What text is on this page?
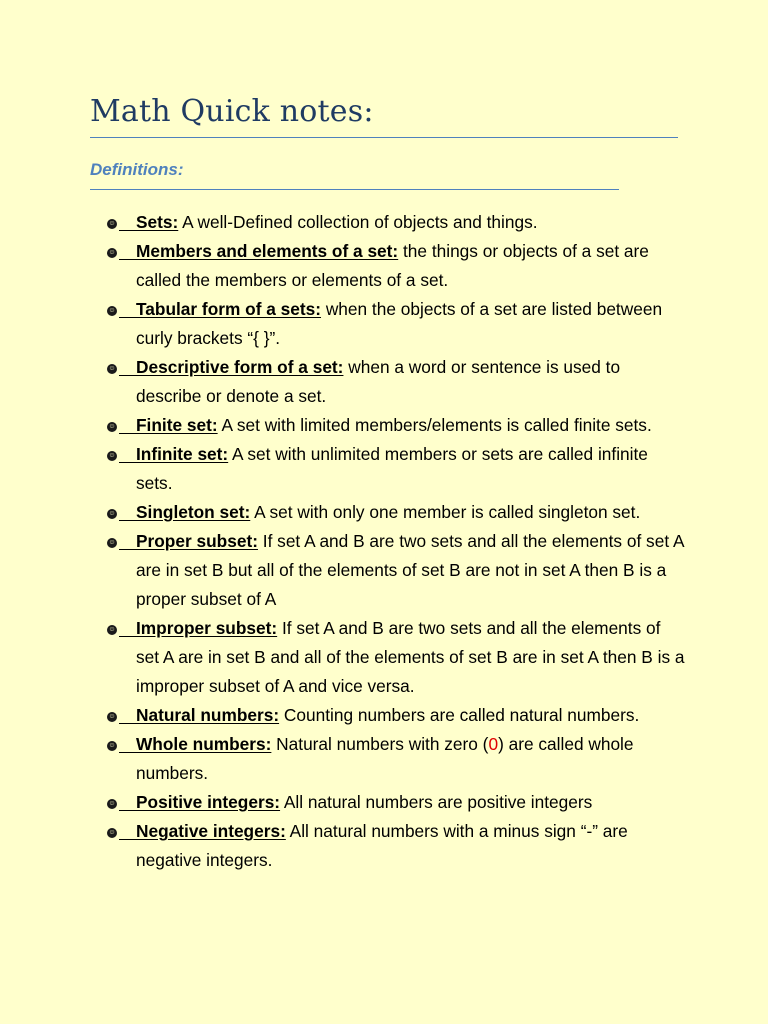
Math Quick notes:
Definitions:
☺ Sets: A well-Defined collection of objects and things.
☺ Members and elements of a set: the things or objects of a set are called the members or elements of a set.
☺ Tabular form of a sets: when the objects of a set are listed between curly brackets “{ }”.
☺ Descriptive form of a set: when a word or sentence is used to describe or denote a set.
☺ Finite set: A set with limited members/elements is called finite sets.
☺ Infinite set: A set with unlimited members or sets are called infinite sets.
☺ Singleton set: A set with only one member is called singleton set.
☺ Proper subset: If set A and B are two sets and all the elements of set A are in set B but all of the elements of set B are not in set A then B is a proper subset of A
☺ Improper subset: If set A and B are two sets and all the elements of set A are in set B and all of the elements of set B are in set A then B is a improper subset of A and vice versa.
☺ Natural numbers: Counting numbers are called natural numbers.
☺ Whole numbers: Natural numbers with zero (0) are called whole numbers.
☺ Positive integers: All natural numbers are positive integers
☺ Negative integers: All natural numbers with a minus sign “-” are negative integers.
